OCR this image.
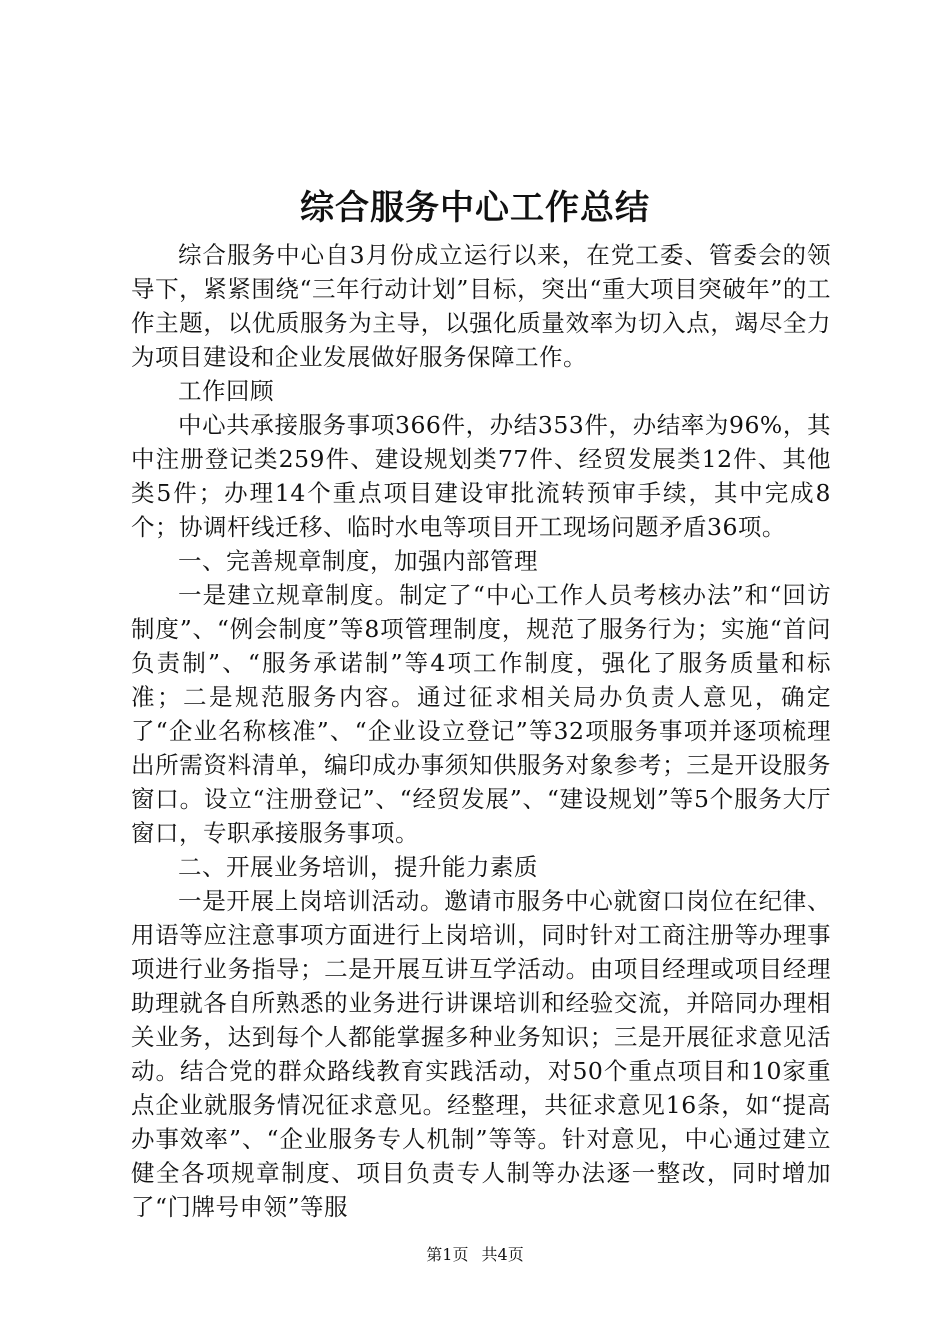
综合服务中心工作总结

综合服务中心自3月份成立运行以来，在党工委、管委会的领导下，紧紧围绕“三年行动计划”目标，突出“重大项目突破年”的工作主题，以优质服务为主导，以强化质量效率为切入点，竭尽全力为项目建设和企业发展做好服务保障工作。

工作回顾

中心共承接服务事项366件，办结353件，办结率为96%，其中注册登记类259件、建设规划类77件、经贸发展类12件、其他类5件；办理14个重点项目建设审批流转预审手续，其中完成8个；协调杆线迁移、临时水电等项目开工现场问题矛盾36项。

一、完善规章制度，加强内部管理

一是建立规章制度。制定了“中心工作人员考核办法”和“回访制度”、“例会制度”等8项管理制度，规范了服务行为；实施“首问负责制”、“服务承诺制”等4项工作制度，强化了服务质量和标准；二是规范服务内容。通过征求相关局办负责人意见，确定了“企业名称核准”、“企业设立登记”等32项服务事项并逐项梳理出所需资料清单，编印成办事须知供服务对象参考；三是开设服务窗口。设立“注册登记”、“经贸发展”、“建设规划”等5个服务大厅窗口，专职承接服务事项。

二、开展业务培训，提升能力素质

一是开展上岗培训活动。邀请市服务中心就窗口岗位在纪律、用语等应注意事项方面进行上岗培训，同时针对工商注册等办理事项进行业务指导；二是开展互讲互学活动。由项目经理或项目经理助理就各自所熟悉的业务进行讲课培训和经验交流，并陪同办理相关业务，达到每个人都能掌握多种业务知识；三是开展征求意见活动。结合党的群众路线教育实践活动，对50个重点项目和10家重点企业就服务情况征求意见。经整理，共征求意见16条，如“提高办事效率”、“企业服务专人机制”等等。针对意见，中心通过建立健全各项规章制度、项目负责专人制等办法逐一整改，同时增加了“门牌号申领”等服

第1页 共4页
